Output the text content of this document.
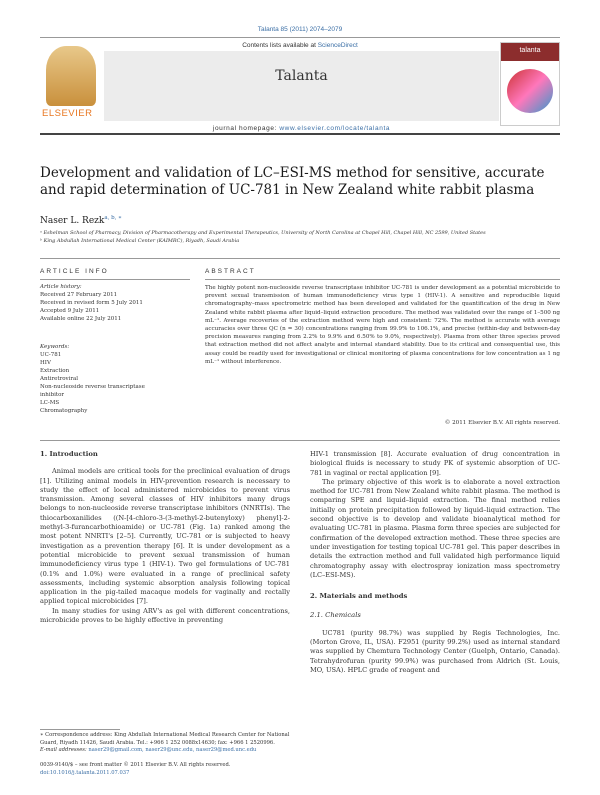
Talanta 85 (2011) 2074–2079
ELSEVIER
Contents lists available at ScienceDirect
Talanta
journal homepage: www.elsevier.com/locate/talanta
talanta
Development and validation of LC–ESI-MS method for sensitive, accurate and rapid determination of UC-781 in New Zealand white rabbit plasma
Naser L. Rezk$^{a, b, ∗}$
ᵃ Eshelman School of Pharmacy, Division of Pharmacotherapy and Experimental Therapeutics, University of North Carolina at Chapel Hill, Chapel Hill, NC 2599, United States
ᵇ King Abdullah International Medical Center (KAIMRC), Riyadh, Saudi Arabia
ARTICLE INFO	ABSTRACT
Article history:
Received 27 February 2011
Received in revised form 5 July 2011
Accepted 9 July 2011
Available online 22 July 2011
Keywords:
UC-781
HIV
Extraction
Antiretroviral
Non-nucleoside reverse transcriptase
inhibitor
LC-MS
Chromatography
The highly potent non-nucleoside reverse transcriptase inhibitor UC-781 is under development as a potential microbicide to prevent sexual transmission of human immunodeficiency virus type 1 (HIV-1). A sensitive and reproducible liquid chromatography–mass spectrometric method has been developed and validated for the quantification of the drug in New Zealand white rabbit plasma after liquid–liquid extraction procedure. The method was validated over the range of 1–500 ng mL⁻¹. Average recoveries of the extraction method were high and consistent: 72%. The method is accurate with average accuracies over three QC (n = 30) concentrations ranging from 99.9% to 106.1%, and precise (within-day and between-day precision measures ranging from 2.2% to 9.9% and 6.50% to 9.0%, respectively). Plasma from other three species proved that extraction method did not affect analyte and internal standard stability. Due to its critical and consequential use, this assay could be readily used for investigational or clinical monitoring of plasma concentrations for low concentration as 1 ng mL⁻¹ without interference.
© 2011 Elsevier B.V. All rights reserved.
1. Introduction

Animal models are critical tools for the preclinical evaluation of drugs [1]. Utilizing animal models in HIV-prevention research is necessary to study the effect of local administered microbicides to prevent virus transmission. Among several classes of HIV inhibitors many drugs belongs to non-nucleoside reverse transcriptase inhibitors (NNRTIs). The thiocarboxanilides ((N-[4-chloro-3-(3-methyl-2-butenyloxy) phenyl]-2-methyl-3-furancarbothioamide) or UC-781 (Fig. 1a) ranked among the most potent NNRTI's [2–5]. Currently, UC-781 or is subjected to heavy investigation as a prevention therapy [6]. It is under development as a potential microbicide to prevent sexual transmission of human immunodeficiency virus type 1 (HIV-1). Two gel formulations of UC-781 (0.1% and 1.0%) were evaluated in a range of preclinical safety assessments, including systemic absorption analysis following topical application in the pig-tailed macaque models for vaginally and rectally applied topical microbicides [7].

In many studies for using ARV's as gel with different concentrations, microbicide proves to be highly effective in preventing

HIV-1 transmission [8]. Accurate evaluation of drug concentration in biological fluids is necessary to study PK of systemic absorption of UC-781 in vaginal or rectal application [9].

The primary objective of this work is to elaborate a novel extraction method for UC-781 from New Zealand white rabbit plasma. The method is comparing SPE and liquid–liquid extraction. The final method relies initially on protein precipitation followed by liquid–liquid extraction. The second objective is to develop and validate bioanalytical method for evaluating UC-781 in plasma. Plasma form three species are subjected for confirmation of the developed extraction method. These three species are under investigation for testing topical UC-781 gel. This paper describes in details the extraction method and full validated high performance liquid chromatography assay with electrospray ionization mass spectrometry (LC–ESI-MS).

2. Materials and methods
2.1. Chemicals

UC781 (purity 98.7%) was supplied by Regis Technologies, Inc. (Morton Grove, IL, USA). F2951 (purity 99.2%) used as internal standard was supplied by Chemtura Technology Center (Guelph, Ontario, Canada). Tetrahydrofuran (purity 99.9%) was purchased from Aldrich (St. Louis, MO, USA). HPLC grade of reagent and

∗ Correspondence address: King Abdullah International Medical Research Center for National Guard, Riyadh 11426, Saudi Arabia. Tel.: +966 1 252 0088x14630; fax: +966 1 2520996.
E-mail addresses: naser29@gmail.com, naser29@unc.edu, naser29@med.unc.edu
0039-9140/$ – see front matter © 2011 Elsevier B.V. All rights reserved.
doi:10.1016/j.talanta.2011.07.037
